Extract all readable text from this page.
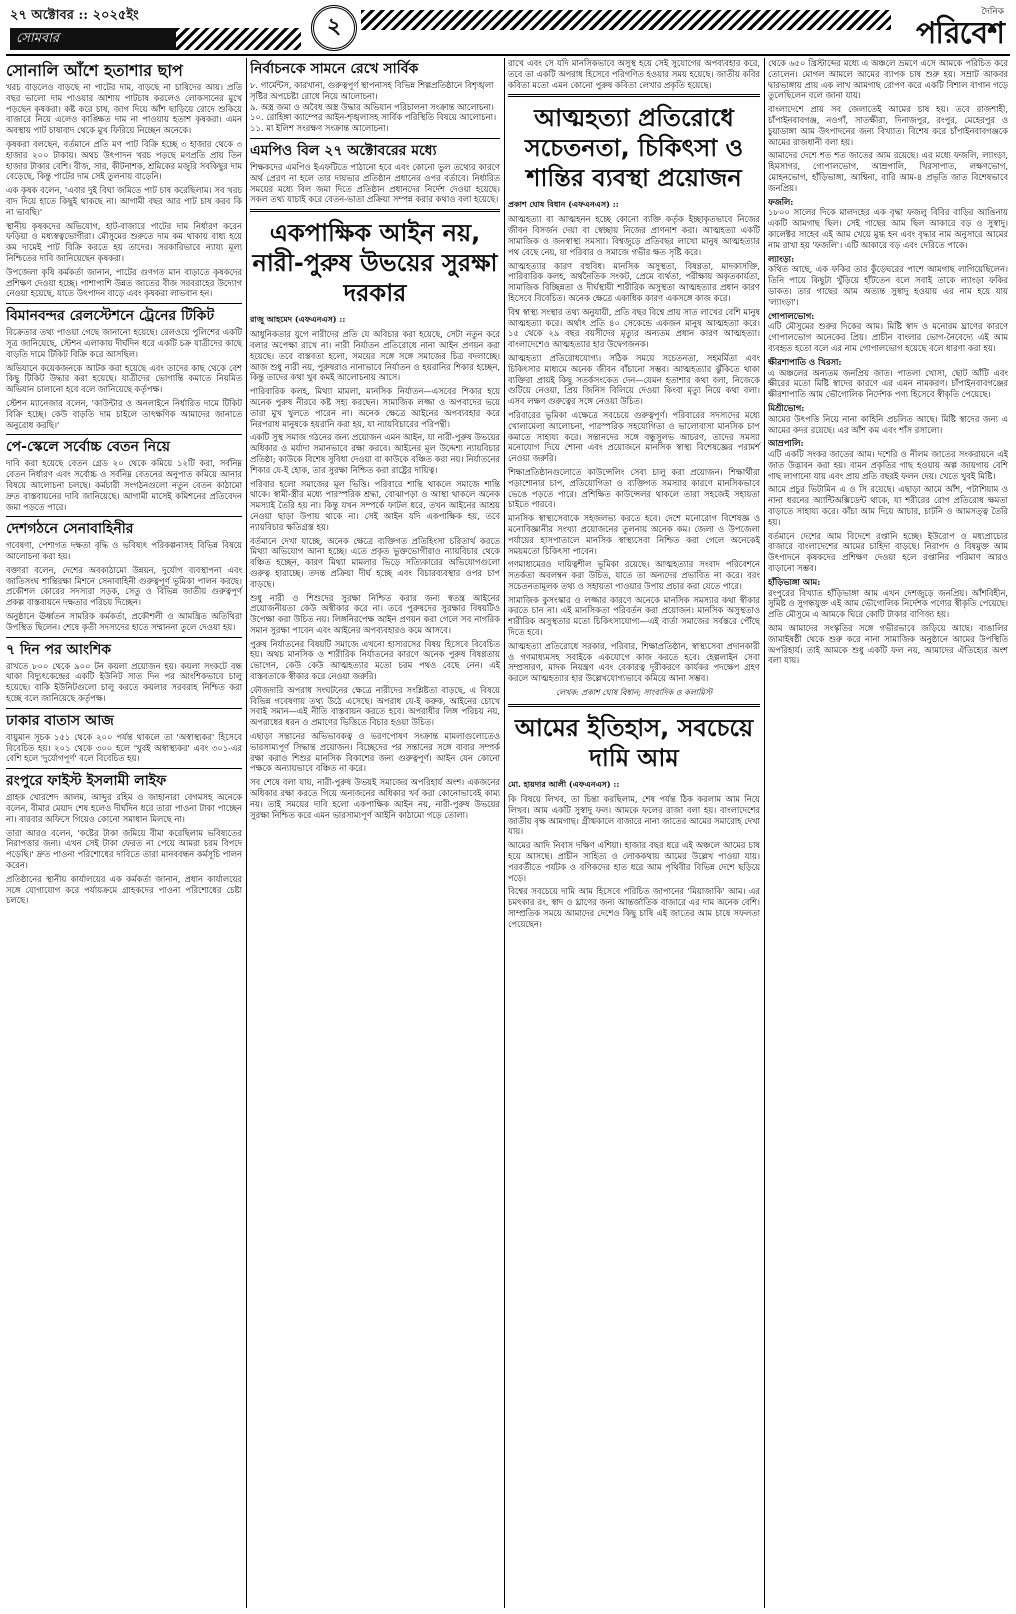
২৭ অক্টোবর :: ২০২৫ইং
সোমবার	২
দৈনিক
পরিবেশ
সোনালি আঁশে হতাশার ছাপ

খরচ বাড়লেও বাড়ছে না পাটের দাম, বাড়ছে না চাষিদের আয়। প্রতি বছর ভালো দাম পাওয়ার আশায় পাটচাষ করলেও লোকসানের মুখে পড়ছেন কৃষকরা। কষ্ট করে চাষ, জাগ দিয়ে আঁশ ছাড়িয়ে রোদে শুকিয়ে বাজারে নিয়ে এলেও কাঙ্ক্ষিত দাম না পাওয়ায় হতাশ কৃষকরা। এমন অবস্থায় পাট চাষাবাদ থেকে মুখ ফিরিয়ে নিচ্ছেন অনেকে।

কৃষকরা বলছেন, বর্তমানে প্রতি মণ পাট বিক্রি হচ্ছে ৩ হাজার থেকে ৩ হাজার ২০০ টাকায়। অথচ উৎপাদন খরচ পড়ছে মণপ্রতি প্রায় তিন হাজার টাকার বেশি। বীজ, সার, কীটনাশক, শ্রমিকের মজুরি সবকিছুর দাম বেড়েছে, কিন্তু পাটের দাম সেই তুলনায় বাড়েনি।

এক কৃষক বলেন, 'এবার দুই বিঘা জমিতে পাট চাষ করেছিলাম। সব খরচ বাদ দিয়ে হাতে কিছুই থাকছে না। আগামী বছর আর পাট চাষ করব কি না ভাবছি।'

স্থানীয় কৃষকদের অভিযোগ, হাট-বাজারে পাটের দাম নির্ধারণ করেন ফড়িয়া ও মধ্যস্বত্বভোগীরা। মৌসুমের শুরুতে দাম কম থাকায় বাধ্য হয়ে কম দামেই পাট বিক্রি করতে হয় তাদের। সরকারিভাবে ন্যায্য মূল্য নিশ্চিতের দাবি জানিয়েছেন কৃষকরা।

উপজেলা কৃষি কর্মকর্তা জানান, পাটের গুণগত মান বাড়াতে কৃষকদের প্রশিক্ষণ দেওয়া হচ্ছে। পাশাপাশি উন্নত জাতের বীজ সরবরাহের উদ্যোগ নেওয়া হয়েছে, যাতে উৎপাদন বাড়ে এবং কৃষকরা লাভবান হন।

বিমানবন্দর রেলস্টেশনে ট্রেনের টিকিট

বিক্রেতার তথ্য পাওয়া গেছে জানানো হয়েছে। রেলওয়ে পুলিশের একটি সূত্র জানিয়েছে, স্টেশন এলাকায় দীর্ঘদিন ধরে একটি চক্র যাত্রীদের কাছে বাড়তি দামে টিকিট বিক্রি করে আসছিল।

অভিযানে কয়েকজনকে আটক করা হয়েছে এবং তাদের কাছ থেকে বেশ কিছু টিকিট উদ্ধার করা হয়েছে। যাত্রীদের ভোগান্তি কমাতে নিয়মিত অভিযান চালানো হবে বলে জানিয়েছে কর্তৃপক্ষ।

স্টেশন ম্যানেজার বলেন, 'কাউন্টার ও অনলাইনে নির্ধারিত দামে টিকিট বিক্রি হচ্ছে। কেউ বাড়তি দাম চাইলে তাৎক্ষণিক আমাদের জানাতে অনুরোধ করছি।'

পে-স্কেলে সর্বোচ্চ বেতন নিয়ে

দাবি করা হয়েছে বেতন গ্রেড ২০ থেকে কমিয়ে ১২টি করা, সর্বনিম্ন বেতন নির্ধারণ এবং সর্বোচ্চ ও সর্বনিম্ন বেতনের অনুপাত কমিয়ে আনার বিষয়ে আলোচনা চলছে। কর্মচারী সংগঠনগুলো নতুন বেতন কাঠামো দ্রুত বাস্তবায়নের দাবি জানিয়েছে। আগামী মাসেই কমিশনের প্রতিবেদন জমা পড়তে পারে।

দেশগঠনে সেনাবাহিনীর

গবেষণা, পেশাগত দক্ষতা বৃদ্ধি ও ভবিষ্যৎ পরিকল্পনাসহ বিভিন্ন বিষয়ে আলোচনা করা হয়।

বক্তারা বলেন, দেশের অবকাঠামো উন্নয়ন, দুর্যোগ ব্যবস্থাপনা এবং জাতিসংঘ শান্তিরক্ষা মিশনে সেনাবাহিনী গুরুত্বপূর্ণ ভূমিকা পালন করছে। প্রকৌশল কোরের সদস্যরা সড়ক, সেতু ও বিভিন্ন জাতীয় গুরুত্বপূর্ণ প্রকল্প বাস্তবায়নে দক্ষতার পরিচয় দিচ্ছেন।

অনুষ্ঠানে ঊর্ধ্বতন সামরিক কর্মকর্তা, প্রকৌশলী ও আমন্ত্রিত অতিথিরা উপস্থিত ছিলেন। শেষে কৃতী সদস্যদের হাতে সম্মাননা তুলে দেওয়া হয়।

৭ দিন পর আংশিক

রাখতে ৮০০ থেকে ৯০০ টন কয়লা প্রয়োজন হয়। কয়লা সংকটে বন্ধ থাকা বিদ্যুৎকেন্দ্রের একটি ইউনিট সাত দিন পর আংশিকভাবে চালু হয়েছে। বাকি ইউনিটগুলো চালু করতে কয়লার সরবরাহ নিশ্চিত করা হচ্ছে বলে জানিয়েছে কর্তৃপক্ষ।

ঢাকার বাতাস আজ

বায়ুমান সূচক ১৫১ থেকে ২০০ পর্যন্ত থাকলে তা 'অস্বাস্থ্যকর' হিসেবে বিবেচিত হয়। ২০১ থেকে ৩০০ হলে 'খুবই অস্বাস্থ্যকর' এবং ৩০১-এর বেশি হলে 'দুর্যোগপূর্ণ' বলে বিবেচিত হয়।

রংপুরে ফাইস্ট ইসলামী লাইফ

গ্রাহক খোরশেদ আলম, আব্দুর রহিম ও জাহানারা বেগমসহ অনেকে বলেন, বীমার মেয়াদ শেষ হলেও দীর্ঘদিন ধরে তারা পাওনা টাকা পাচ্ছেন না। বারবার অফিসে গিয়েও কোনো সমাধান মিলছে না।

তারা আরও বলেন, 'কষ্টের টাকা জমিয়ে বীমা করেছিলাম ভবিষ্যতের নিরাপত্তার জন্য। এখন সেই টাকা ফেরত না পেয়ে আমরা চরম বিপদে পড়েছি।' দ্রুত পাওনা পরিশোধের দাবিতে তারা মানববন্ধন কর্মসূচি পালন করেন।

প্রতিষ্ঠানের স্থানীয় কার্যালয়ের এক কর্মকর্তা জানান, প্রধান কার্যালয়ের সঙ্গে যোগাযোগ করে পর্যায়ক্রমে গ্রাহকদের পাওনা পরিশোধের চেষ্টা চলছে।

নির্বাচনকে সামনে রেখে সার্বিক
৮. গার্মেন্টস, কারখানা, গুরুত্বপূর্ণ স্থাপনাসহ বিভিন্ন শিল্পপ্রতিষ্ঠানে বিশৃঙ্খলা সৃষ্টির অপচেষ্টা রোধে নিয়ে আলোচনা।
৯. অস্ত্র জমা ও অবৈধ অস্ত্র উদ্ধার অভিযান পরিচালনা সংক্রান্ত আলোচনা।
১০. রোহিঙ্গা ক্যাম্পের আইন-শৃঙ্খলাসহ সার্বিক পরিস্থিতি বিষয়ে আলোচনা।
১১. মা ইলিশ সংরক্ষণ সংক্রান্ত আলোচনা।
এমপিও বিল ২৭ অক্টোবরের মধ্যে

শিক্ষকদের এমপিও ইএফটিতে পাঠানো হবে এবং কোনো ভুল তথ্যের কারণে অর্থ প্রেরণ না হলে তার দায়ভার প্রতিষ্ঠান প্রধানের ওপর বর্তাবে। নির্ধারিত সময়ের মধ্যে বিল জমা দিতে প্রতিষ্ঠান প্রধানদের নির্দেশ দেওয়া হয়েছে। সকল তথ্য যাচাই করে বেতন-ভাতা প্রক্রিয়া সম্পন্ন করার কথাও বলা হয়েছে।

একপাক্ষিক আইন নয়, নারী-পুরুষ উভয়ের সুরক্ষা দরকার
রাজু আহমেদ (এফএনএস) ::

আধুনিকতার যুগে নারীদের প্রতি যে অবিচার করা হয়েছে, সেটা নতুন করে বলার অপেক্ষা রাখে না। নারী নির্যাতন প্রতিরোধে নানা আইন প্রণয়ন করা হয়েছে। তবে বাস্তবতা হলো, সময়ের সঙ্গে সঙ্গে সমাজের চিত্র বদলাচ্ছে। আজ শুধু নারী নয়, পুরুষরাও নানাভাবে নির্যাতন ও হয়রানির শিকার হচ্ছেন, কিন্তু তাদের কথা খুব কমই আলোচনায় আসে।

পারিবারিক কলহ, মিথ্যা মামলা, মানসিক নির্যাতন—এসবের শিকার হয়ে অনেক পুরুষ নীরবে কষ্ট সহ্য করছেন। সামাজিক লজ্জা ও অপবাদের ভয়ে তারা মুখ খুলতে পারেন না। অনেক ক্ষেত্রে আইনের অপব্যবহার করে নিরপরাধ মানুষকে হয়রানি করা হয়, যা ন্যায়বিচারের পরিপন্থী।

একটি সুস্থ সমাজ গঠনের জন্য প্রয়োজন এমন আইন, যা নারী-পুরুষ উভয়ের অধিকার ও মর্যাদা সমানভাবে রক্ষা করবে। আইনের মূল উদ্দেশ্য ন্যায়বিচার প্রতিষ্ঠা; কাউকে বিশেষ সুবিধা দেওয়া বা কাউকে বঞ্চিত করা নয়। নির্যাতনের শিকার যে-ই হোক, তার সুরক্ষা নিশ্চিত করা রাষ্ট্রের দায়িত্ব।

পরিবার হলো সমাজের মূল ভিত্তি। পরিবারে শান্তি থাকলে সমাজে শান্তি থাকে। স্বামী-স্ত্রীর মধ্যে পারস্পরিক শ্রদ্ধা, বোঝাপড়া ও আস্থা থাকলে অনেক সমস্যাই তৈরি হয় না। কিন্তু যখন সম্পর্কে ফাটল ধরে, তখন আইনের আশ্রয় নেওয়া ছাড়া উপায় থাকে না। সেই আইন যদি একপাক্ষিক হয়, তবে ন্যায়বিচার ক্ষতিগ্রস্ত হয়।

বর্তমানে দেখা যাচ্ছে, অনেক ক্ষেত্রে ব্যক্তিগত প্রতিহিংসা চরিতার্থ করতে মিথ্যা অভিযোগ আনা হচ্ছে। এতে প্রকৃত ভুক্তভোগীরাও ন্যায়বিচার থেকে বঞ্চিত হচ্ছেন, কারণ মিথ্যা মামলার ভিড়ে সত্যিকারের অভিযোগগুলো গুরুত্ব হারাচ্ছে। তদন্ত প্রক্রিয়া দীর্ঘ হচ্ছে এবং বিচারব্যবস্থার ওপর চাপ বাড়ছে।

শুধু নারী ও শিশুদের সুরক্ষা নিশ্চিত করার জন্য স্বতন্ত্র আইনের প্রয়োজনীয়তা কেউ অস্বীকার করে না। তবে পুরুষদের সুরক্ষার বিষয়টিও উপেক্ষা করা উচিত নয়। লিঙ্গনিরপেক্ষ আইন প্রণয়ন করা গেলে সব নাগরিক সমান সুরক্ষা পাবেন এবং আইনের অপব্যবহারও কমে আসবে।

পুরুষ নির্যাতনের বিষয়টি সমাজে এখনো হাস্যরসের বিষয় হিসেবে বিবেচিত হয়। অথচ মানসিক ও শারীরিক নির্যাতনের কারণে অনেক পুরুষ বিষণ্ণতায় ভোগেন, কেউ কেউ আত্মহত্যার মতো চরম পথও বেছে নেন। এই বাস্তবতাকে স্বীকার করে নেওয়া জরুরি।

ফৌজদারি অপরাধ সংঘটনের ক্ষেত্রে নারীদের সংশ্লিষ্টতা বাড়ছে, এ বিষয়ে বিভিন্ন গবেষণায় তথ্য উঠে এসেছে। অপরাধ যে-ই করুক, আইনের চোখে সবাই সমান—এই নীতি বাস্তবায়ন করতে হবে। অপরাধীর লিঙ্গ পরিচয় নয়, অপরাধের ধরন ও প্রমাণের ভিত্তিতে বিচার হওয়া উচিত।

এছাড়া সন্তানের অভিভাবকত্ব ও ভরণপোষণ সংক্রান্ত মামলাগুলোতেও ভারসাম্যপূর্ণ সিদ্ধান্ত প্রয়োজন। বিচ্ছেদের পর সন্তানের সঙ্গে বাবার সম্পর্ক রক্ষা করাও শিশুর মানসিক বিকাশের জন্য গুরুত্বপূর্ণ। আইন যেন কোনো পক্ষকে অন্যায়ভাবে বঞ্চিত না করে।

সব শেষে বলা যায়, নারী-পুরুষ উভয়ই সমাজের অপরিহার্য অংশ। একজনের অধিকার রক্ষা করতে গিয়ে অন্যজনের অধিকার খর্ব করা কোনোভাবেই কাম্য নয়। তাই সময়ের দাবি হলো একপাক্ষিক আইন নয়, নারী-পুরুষ উভয়ের সুরক্ষা নিশ্চিত করে এমন ভারসাম্যপূর্ণ আইনি কাঠামো গড়ে তোলা।

রাখে এবং সে যদি মানসিকভাবে অসুস্থ হয়ে সেই সুযোগের অপব্যবহার করে, তবে তা একটি অপরাধ হিসেবে পরিগণিত হওয়ার সময় হয়েছে। জাতীয় কবির কবিতা মতো এমন কোনো পুরুষ কবিতা লেখার প্রকৃতি হয়েছে।

আত্মহত্যা প্রতিরোধে সচেতনতা, চিকিৎসা ও শান্তির ব্যবস্থা প্রয়োজন
প্রকাশ ঘোষ বিধান (এফএনএস) ::

আত্মহত্যা বা আত্মহনন হচ্ছে কোনো ব্যক্তি কর্তৃক ইচ্ছাকৃতভাবে নিজের জীবন বিসর্জন দেয়া বা স্বেচ্ছায় নিজের প্রাণনাশ করা। আত্মহত্যা একটি সামাজিক ও জনস্বাস্থ্য সমস্যা। বিশ্বজুড়ে প্রতিবছর লাখো মানুষ আত্মহত্যার পথ বেছে নেয়, যা পরিবার ও সমাজে গভীর ক্ষত সৃষ্টি করে।

আত্মহত্যার কারণ বহুবিধ। মানসিক অসুস্থতা, বিষণ্ণতা, মাদকাসক্তি, পারিবারিক কলহ, অর্থনৈতিক সংকট, প্রেমে ব্যর্থতা, পরীক্ষায় অকৃতকার্যতা, সামাজিক বিচ্ছিন্নতা ও দীর্ঘস্থায়ী শারীরিক অসুস্থতা আত্মহত্যার প্রধান কারণ হিসেবে বিবেচিত। অনেক ক্ষেত্রে একাধিক কারণ একসঙ্গে কাজ করে।

বিশ্ব স্বাস্থ্য সংস্থার তথ্য অনুযায়ী, প্রতি বছর বিশ্বে প্রায় সাত লাখের বেশি মানুষ আত্মহত্যা করে। অর্থাৎ প্রতি ৪০ সেকেন্ডে একজন মানুষ আত্মহত্যা করে। ১৫ থেকে ২৯ বছর বয়সীদের মৃত্যুর অন্যতম প্রধান কারণ আত্মহত্যা। বাংলাদেশেও আত্মহত্যার হার উদ্বেগজনক।

আত্মহত্যা প্রতিরোধযোগ্য। সঠিক সময়ে সচেতনতা, সহমর্মিতা এবং চিকিৎসার মাধ্যমে অনেক জীবন বাঁচানো সম্ভব। আত্মহত্যার ঝুঁকিতে থাকা ব্যক্তিরা প্রায়ই কিছু সতর্কসংকেত দেন—যেমন হতাশার কথা বলা, নিজেকে গুটিয়ে নেওয়া, প্রিয় জিনিস বিলিয়ে দেওয়া কিংবা মৃত্যু নিয়ে কথা বলা। এসব লক্ষণ গুরুত্বের সঙ্গে নেওয়া উচিত।

পরিবারের ভূমিকা এক্ষেত্রে সবচেয়ে গুরুত্বপূর্ণ। পরিবারের সদস্যদের মধ্যে খোলামেলা আলোচনা, পারস্পরিক সহযোগিতা ও ভালোবাসা মানসিক চাপ কমাতে সাহায্য করে। সন্তানদের সঙ্গে বন্ধুসুলভ আচরণ, তাদের সমস্যা মনোযোগ দিয়ে শোনা এবং প্রয়োজনে মানসিক স্বাস্থ্য বিশেষজ্ঞের পরামর্শ নেওয়া জরুরি।

শিক্ষাপ্রতিষ্ঠানগুলোতে কাউন্সেলিং সেবা চালু করা প্রয়োজন। শিক্ষার্থীরা পড়াশোনার চাপ, প্রতিযোগিতা ও ব্যক্তিগত সমস্যার কারণে মানসিকভাবে ভেঙে পড়তে পারে। প্রশিক্ষিত কাউন্সেলর থাকলে তারা সহজেই সহায়তা চাইতে পারবে।

মানসিক স্বাস্থ্যসেবাকে সহজলভ্য করতে হবে। দেশে মনোরোগ বিশেষজ্ঞ ও মনোবিজ্ঞানীর সংখ্যা প্রয়োজনের তুলনায় অনেক কম। জেলা ও উপজেলা পর্যায়ের হাসপাতালে মানসিক স্বাস্থ্যসেবা নিশ্চিত করা গেলে অনেকেই সময়মতো চিকিৎসা পাবেন।

গণমাধ্যমেরও দায়িত্বশীল ভূমিকা রয়েছে। আত্মহত্যার সংবাদ পরিবেশনে সতর্কতা অবলম্বন করা উচিত, যাতে তা অন্যদের প্রভাবিত না করে। বরং সচেতনতামূলক তথ্য ও সহায়তা পাওয়ার উপায় প্রচার করা যেতে পারে।

সামাজিক কুসংস্কার ও লজ্জার কারণে অনেকে মানসিক সমস্যার কথা স্বীকার করতে চান না। এই মানসিকতা পরিবর্তন করা প্রয়োজন। মানসিক অসুস্থতাও শারীরিক অসুস্থতার মতো চিকিৎসাযোগ্য—এই বার্তা সমাজের সর্বস্তরে পৌঁছে দিতে হবে।

আত্মহত্যা প্রতিরোধে সরকার, পরিবার, শিক্ষাপ্রতিষ্ঠান, স্বাস্থ্যসেবা প্রদানকারী ও গণমাধ্যমসহ সবাইকে একযোগে কাজ করতে হবে। হেল্পলাইন সেবা সম্প্রসারণ, মাদক নিয়ন্ত্রণ এবং বেকারত্ব দূরীকরণে কার্যকর পদক্ষেপ গ্রহণ করলে আত্মহত্যার হার উল্লেখযোগ্যভাবে কমিয়ে আনা সম্ভব।

লেখক: প্রকাশ ঘোষ বিধান; সাংবাদিক ও কলামিস্ট
আমের ইতিহাস, সবচেয়ে দামি আম
মো. হায়দার আলী (এফএনএস) ::

কি বিষয়ে লিখব, তা চিন্তা করছিলাম, শেষ পর্যন্ত ঠিক করলাম আম নিয়ে লিখব। আম একটি সুস্বাদু ফল। আমকে ফলের রাজা বলা হয়। বাংলাদেশের জাতীয় বৃক্ষ আমগাছ। গ্রীষ্মকালে বাজারে নানা জাতের আমের সমারোহ দেখা যায়।

আমের আদি নিবাস দক্ষিণ এশিয়া। হাজার বছর ধরে এই অঞ্চলে আমের চাষ হয়ে আসছে। প্রাচীন সাহিত্য ও লোককথায় আমের উল্লেখ পাওয়া যায়। পরবর্তীতে পর্যটক ও বণিকদের হাত ধরে আম পৃথিবীর বিভিন্ন দেশে ছড়িয়ে পড়ে।

বিশ্বের সবচেয়ে দামি আম হিসেবে পরিচিত জাপানের 'মিয়াজাকি' আম। এর চমৎকার রং, স্বাদ ও ঘ্রাণের জন্য আন্তর্জাতিক বাজারে এর দাম অনেক বেশি। সাম্প্রতিক সময়ে আমাদের দেশেও কিছু চাষি এই জাতের আম চাষে সফলতা পেয়েছেন।

থেকে ৬৫০ খ্রিস্টাব্দের মধ্যে এ অঞ্চলে ভ্রমণে এসে আমকে পরিচিত করে তোলেন। মোগল আমলে আমের ব্যাপক চাষ শুরু হয়। সম্রাট আকবর দ্বারভাঙ্গায় প্রায় এক লাখ আমগাছ রোপণ করে একটি বিশাল বাগান গড়ে তুলেছিলেন বলে জানা যায়।

বাংলাদেশে প্রায় সব জেলাতেই আমের চাষ হয়। তবে রাজশাহী, চাঁপাইনবাবগঞ্জ, নওগাঁ, সাতক্ষীরা, দিনাজপুর, রংপুর, মেহেরপুর ও চুয়াডাঙ্গা আম উৎপাদনের জন্য বিখ্যাত। বিশেষ করে চাঁপাইনবাবগঞ্জকে আমের রাজধানী বলা হয়।

আমাদের দেশে শত শত জাতের আম রয়েছে। এর মধ্যে ফজলি, ল্যাংড়া, হিমসাগর, গোপালভোগ, আম্রপালি, খিরসাপাত, লক্ষণভোগ, মোহনভোগ, হাঁড়িভাঙ্গা, আশ্বিনা, বারি আম-৪ প্রভৃতি জাত বিশেষভাবে জনপ্রিয়।

ফজলি:

১৮০০ সালের দিকে মালদহের এক বৃদ্ধা ফজলু বিবির বাড়ির আঙিনায় একটি আমগাছ ছিল। সেই গাছের আম ছিল আকারে বড় ও সুস্বাদু। কালেক্টর সাহেব এই আম খেয়ে মুগ্ধ হন এবং বৃদ্ধার নাম অনুসারে আমের নাম রাখা হয় 'ফজলি'। এটি আকারে বড় এবং দেরিতে পাকে।

ল্যাংড়া:

কথিত আছে, এক ফকির তার কুঁড়েঘরের পাশে আমগাছ লাগিয়েছিলেন। তিনি পায়ে কিছুটা খুঁড়িয়ে হাঁটতেন বলে সবাই তাকে ল্যাংড়া ফকির ডাকত। তার গাছের আম অত্যন্ত সুস্বাদু হওয়ায় এর নাম হয়ে যায় 'ল্যাংড়া'।

গোপালভোগ:

এটি মৌসুমের শুরুর দিকের আম। মিষ্টি স্বাদ ও মনোরম ঘ্রাণের কারণে গোপালভোগ অনেকের প্রিয়। প্রাচীন বাংলার ভোগ-নৈবেদ্যে এই আম ব্যবহৃত হতো বলে এর নাম গোপালভোগ হয়েছে বলে ধারণা করা হয়।

ক্ষীরশাপাতি ও খিরসা:

এ অঞ্চলের অন্যতম জনপ্রিয় জাত। পাতলা খোসা, ছোট আঁটি এবং ক্ষীরের মতো মিষ্টি স্বাদের কারণে এর এমন নামকরণ। চাঁপাইনবাবগঞ্জের ক্ষীরশাপাতি আম ভৌগোলিক নির্দেশক পণ্য হিসেবে স্বীকৃতি পেয়েছে।

মিশ্রীভোগ:

আমের উৎপত্তি নিয়ে নানা কাহিনি প্রচলিত আছে। মিষ্টি স্বাদের জন্য এ আমের কদর রয়েছে। এর আঁশ কম এবং শাঁস রসালো।

আম্রপালি:

এটি একটি সংকর জাতের আম। দশেরি ও নীলম জাতের সংকরায়নে এই জাত উদ্ভাবন করা হয়। বামন প্রকৃতির গাছ হওয়ায় অল্প জায়গায় বেশি গাছ লাগানো যায় এবং প্রায় প্রতি বছরই ফলন দেয়। খেতে খুবই মিষ্টি।

আমে প্রচুর ভিটামিন এ ও সি রয়েছে। এছাড়া আমে আঁশ, পটাশিয়াম ও নানা ধরনের অ্যান্টিঅক্সিডেন্ট থাকে, যা শরীরের রোগ প্রতিরোধ ক্ষমতা বাড়াতে সাহায্য করে। কাঁচা আম দিয়ে আচার, চাটনি ও আমসত্ত্ব তৈরি হয়।

বর্তমানে দেশের আম বিদেশে রপ্তানি হচ্ছে। ইউরোপ ও মধ্যপ্রাচ্যের বাজারে বাংলাদেশের আমের চাহিদা বাড়ছে। নিরাপদ ও বিষমুক্ত আম উৎপাদনে কৃষকদের প্রশিক্ষণ দেওয়া হলে রপ্তানির পরিমাণ আরও বাড়ানো সম্ভব।

হাঁড়িভাঙ্গা আম:

রংপুরের বিখ্যাত হাঁড়িভাঙ্গা আম এখন দেশজুড়ে জনপ্রিয়। আঁশবিহীন, সুমিষ্ট ও সুগন্ধযুক্ত এই আম ভৌগোলিক নির্দেশক পণ্যের স্বীকৃতি পেয়েছে। প্রতি মৌসুমে এ আমকে ঘিরে কোটি টাকার বাণিজ্য হয়।

আম আমাদের সংস্কৃতির সঙ্গে গভীরভাবে জড়িয়ে আছে। বাঙালির জামাইষষ্ঠী থেকে শুরু করে নানা সামাজিক অনুষ্ঠানে আমের উপস্থিতি অপরিহার্য। তাই আমকে শুধু একটি ফল নয়, আমাদের ঐতিহ্যের অংশ বলা যায়।
